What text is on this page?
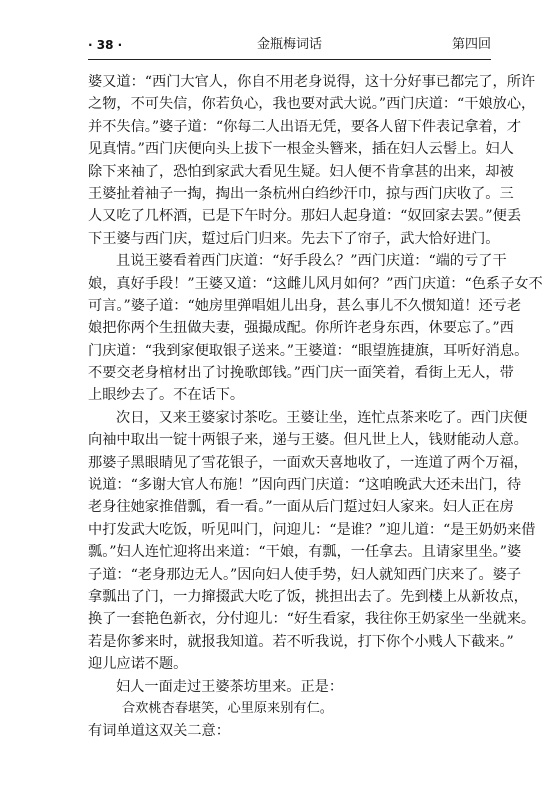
· 38 ·	金瓶梅词话	第四回
婆又道：“西门大官人，你自不用老身说得，这十分好事已都完了，所许
之物，不可失信，你若负心，我也要对武大说。”西门庆道：“干娘放心，
并不失信。”婆子道：“你每二人出语无凭，要各人留下件表记拿着，才
见真情。”西门庆便向头上拔下一根金头簪来，插在妇人云髻上。妇人
除下来袖了，恐怕到家武大看见生疑。妇人便不肯拿甚的出来，却被
王婆扯着袖子一掏，掏出一条杭州白绉纱汗巾，掠与西门庆收了。三
人又吃了几杯酒，已是下午时分。那妇人起身道：“奴回家去罢。”便丢
下王婆与西门庆，踅过后门归来。先去下了帘子，武大恰好进门。
且说王婆看着西门庆道：“好手段么？”西门庆道：“端的亏了干
娘，真好手段！”王婆又道：“这雌儿风月如何？”西门庆道：“色系子女不
可言。”婆子道：“她房里弹唱姐儿出身，甚么事儿不久惯知道！还亏老
娘把你两个生扭做夫妻，强撮成配。你所许老身东西，休要忘了。”西
门庆道：“我到家便取银子送来。”王婆道：“眼望旌捷旗，耳听好消息。
不要交老身棺材出了讨挽歌郎钱。”西门庆一面笑着，看街上无人，带
上眼纱去了。不在话下。
次日，又来王婆家讨茶吃。王婆让坐，连忙点茶来吃了。西门庆便
向袖中取出一锭十两银子来，递与王婆。但凡世上人，钱财能动人意。
那婆子黑眼睛见了雪花银子，一面欢天喜地收了，一连道了两个万福，
说道：“多谢大官人布施！”因向西门庆道：“这咱晚武大还未出门，待
老身往她家推借瓢，看一看。”一面从后门踅过妇人家来。妇人正在房
中打发武大吃饭，听见叫门，问迎儿：“是谁？”迎儿道：“是王奶奶来借
瓢。”妇人连忙迎将出来道：“干娘，有瓢，一任拿去。且请家里坐。”婆
子道：“老身那边无人。”因向妇人使手势，妇人就知西门庆来了。婆子
拿瓢出了门，一力撺掇武大吃了饭，挑担出去了。先到楼上从新妆点，
换了一套艳色新衣，分付迎儿：“好生看家，我往你王奶家坐一坐就来。
若是你爹来时，就报我知道。若不听我说，打下你个小贱人下截来。”
迎儿应诺不题。
妇人一面走过王婆茶坊里来。正是：
合欢桃杏春堪笑，心里原来别有仁。
有词单道这双关二意：
